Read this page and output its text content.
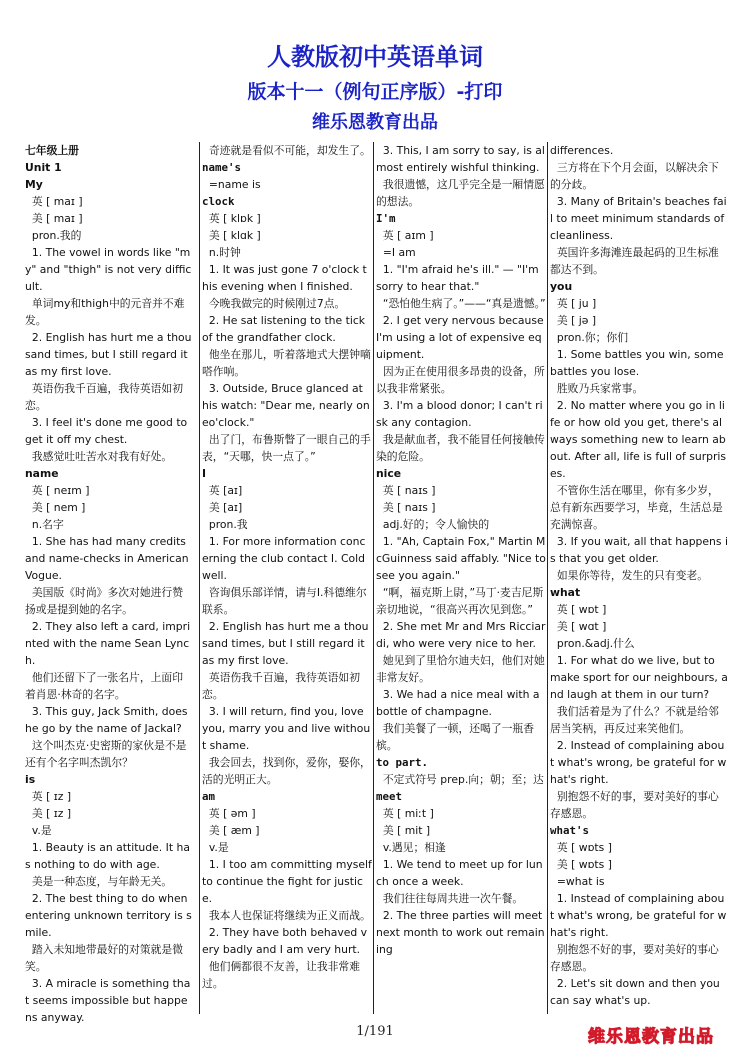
人教版初中英语单词
版本十一（例句正序版）-打印
维乐恩教育出品
七年级上册
Unit 1
My
英 [ maɪ ]
美 [ maɪ ]
pron.我的
1. The vowel in words like "my" and "thigh" is not very difficult.
单词my和thigh中的元音并不难发。
2. English has hurt me a thousand times, but I still regard it as my first love.
英语伤我千百遍，我待英语如初恋。
3. I feel it's done me good to get it off my chest.
我感觉吐吐苦水对我有好处。
name
英 [ neɪm ]
美 [ nem ]
n.名字
1. She has had many credits and name-checks in American Vogue.
美国版《时尚》多次对她进行赞扬或是提到她的名字。
2. They also left a card, imprinted with the name Sean Lynch.
他们还留下了一张名片，上面印着肖恩·林奇的名字。
3. This guy, Jack Smith, does he go by the name of Jackal?
这个叫杰克·史密斯的家伙是不是还有个名字叫杰凯尔？
is
英 [ ɪz ]
美 [ ɪz ]
v.是
1. Beauty is an attitude. It has nothing to do with age.
美是一种态度，与年龄无关。
2. The best thing to do when entering unknown territory is smile.
踏入未知地带最好的对策就是微笑。
3. A miracle is something that seems impossible but happens anyway.
奇迹就是看似不可能，却发生了。
name's
=name is
clock
英 [ klɒk ]
美 [ klɑk ]
n.时钟
1. It was just gone 7 o'clock this evening when I finished.
今晚我做完的时候刚过7点。
2. He sat listening to the tick of the grandfather clock.
他坐在那儿，听着落地式大摆钟嘀嗒作响。
3. Outside, Bruce glanced at his watch: "Dear me, nearly oneo'clock."
出了门，布鲁斯瞥了一眼自己的手表，“天哪，快一点了。”
I
英 [aɪ]
美 [aɪ]
pron.我
1. For more information concerning the club contact I. Coldwell.
咨询俱乐部详情，请与I.科德维尔联系。
2. English has hurt me a thousand times, but I still regard it as my first love.
英语伤我千百遍，我待英语如初恋。
3. I will return, find you, love you, marry you and live without shame.
我会回去，找到你，爱你，娶你，活的光明正大。
am
英 [ əm ]
美 [ æm ]
v.是
1. I too am committing myself to continue the fight for justice.
我本人也保证将继续为正义而战。
2. They have both behaved very badly and I am very hurt.
他们俩都很不友善，让我非常难过。
3. This, I am sorry to say, is almost entirely wishful thinking.
我很遗憾，这几乎完全是一厢情愿的想法。
I'm
英 [ aɪm ]
=I am
1. "I'm afraid he's ill." — "I'm sorry to hear that."
“恐怕他生病了。”——“真是遗憾。”
2. I get very nervous because I'm using a lot of expensive equipment.
因为正在使用很多昂贵的设备，所以我非常紧张。
3. I'm a blood donor; I can't risk any contagion.
我是献血者，我不能冒任何接触传染的危险。
nice
英 [ naɪs ]
美 [ naɪs ]
adj.好的；令人愉快的
1. "Ah, Captain Fox," Martin McGuinness said affably. "Nice to see you again."
“啊，福克斯上尉，”马丁·麦吉尼斯亲切地说，“很高兴再次见到您。”
2. She met Mr and Mrs Ricciardi, who were very nice to her.
她见到了里恰尔迪夫妇，他们对她非常友好。
3. We had a nice meal with a bottle of champagne.
我们美餐了一顿，还喝了一瓶香槟。
to part.
不定式符号 prep.向；朝；至；达
meet
英 [ miːt ]
美 [ mit ]
v.遇见；相逢
1. We tend to meet up for lunch once a week.
我们往往每周共进一次午餐。
2. The three parties will meet next month to work out remaining
differences.
三方将在下个月会面，以解决余下的分歧。
3. Many of Britain's beaches fail to meet minimum standards of cleanliness.
英国许多海滩连最起码的卫生标准都达不到。
you
英 [ ju ]
美 [ jə ]
pron.你；你们
1. Some battles you win, some battles you lose.
胜败乃兵家常事。
2. No matter where you go in life or how old you get, there's always something new to learn about. After all, life is full of surprises.
不管你生活在哪里，你有多少岁，总有新东西要学习，毕竟，生活总是充满惊喜。
3. If you wait, all that happens is that you get older.
如果你等待，发生的只有变老。
what
英 [ wɒt ]
美 [ wɑt ]
pron.&adj.什么
1. For what do we live, but to make sport for our neighbours, and laugh at them in our turn?
我们活着是为了什么？不就是给邻居当笑柄，再反过来笑他们。
2. Instead of complaining about what's wrong, be grateful for what's right.
别抱怨不好的事，要对美好的事心存感恩。
what's
英 [ wɒts ]
美 [ wɒts ]
=what is
1. Instead of complaining about what's wrong, be grateful for what's right.
别抱怨不好的事，要对美好的事心存感恩。
2. Let's sit down and then you can say what's up.
1/191	维乐恩教育出品
